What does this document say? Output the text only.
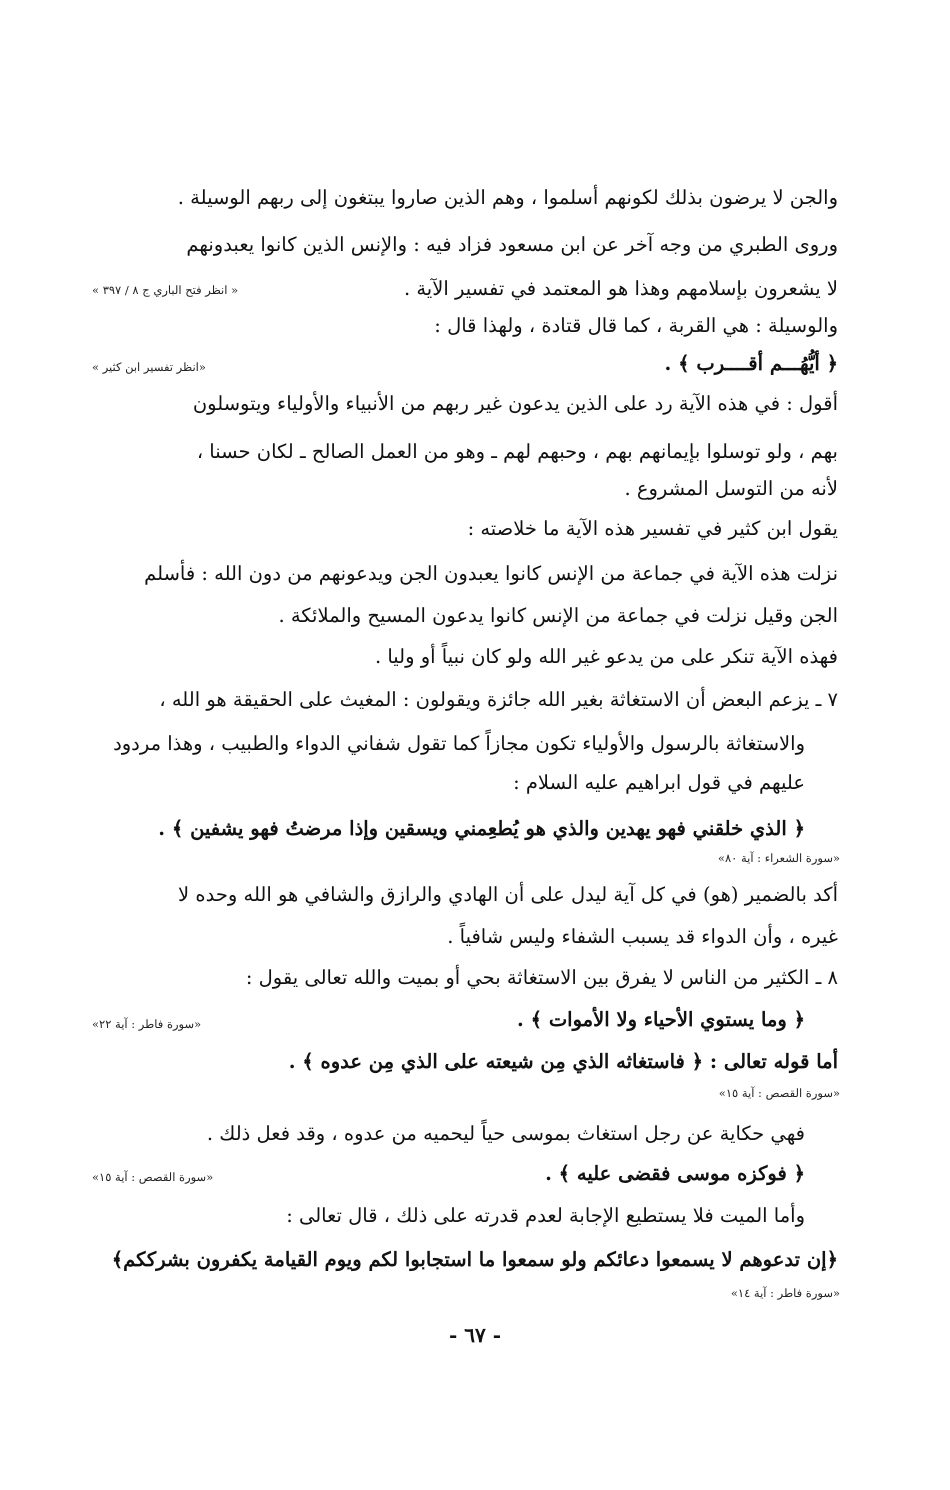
والجن لا يرضون بذلك لكونهم أسلموا ، وهم الذين صاروا يبتغون إلى ربهم الوسيلة .
وروى الطبري من وجه آخر عن ابن مسعود فزاد فيه : والإنس الذين كانوا يعبدونهم
لا يشعرون بإسلامهم وهذا هو المعتمد في تفسير الآية .
« انظر فتح الباري ج ٨ / ٣٩٧ »
والوسيلة : هي القربة ، كما قال قتادة ، ولهذا قال :
﴿ أيُّهُـــم أقــــرب ﴾ .
«انظر تفسير ابن كثير »
أقول : في هذه الآية رد على الذين يدعون غير ربهم من الأنبياء والأولياء ويتوسلون
بهم ، ولو توسلوا بإيمانهم بهم ، وحبهم لهم ـ وهو من العمل الصالح ـ لكان حسنا ،
لأنه من التوسل المشروع .
يقول ابن كثير في تفسير هذه الآية ما خلاصته :
نزلت هذه الآية في جماعة من الإنس كانوا يعبدون الجن ويدعونهم من دون الله : فأسلم
الجن وقيل نزلت في جماعة من الإنس كانوا يدعون المسيح والملائكة .
فهذه الآية تنكر على من يدعو غير الله ولو كان نبياً أو وليا .
٧ ـ يزعم البعض أن الاستغاثة بغير الله جائزة ويقولون : المغيث على الحقيقة هو الله ،
والاستغاثة بالرسول والأولياء تكون مجازاً كما تقول شفاني الدواء والطبيب ، وهذا مردود
عليهم في قول ابراهيم عليه السلام :
﴿ الذي خلقني فهو يهدين والذي هو يُطعِمني ويسقين وإذا مرضتُ فهو يشفين ﴾ .
«سورة الشعراء : آية ٨٠»
أكد بالضمير (هو) في كل آية ليدل على أن الهادي والرازق والشافي هو الله وحده لا
غيره ، وأن الدواء قد يسبب الشفاء وليس شافياً .
٨ ـ الكثير من الناس لا يفرق بين الاستغاثة بحي أو بميت والله تعالى يقول :
﴿ وما يستوي الأحياء ولا الأموات ﴾ .
«سورة فاطر : آية ٢٢»
أما قوله تعالى : ﴿ فاستغاثه الذي مِن شيعته على الذي مِن عدوه ﴾ .
«سورة القصص : آية ١٥»
فهي حكاية عن رجل استغاث بموسى حياً ليحميه من عدوه ، وقد فعل ذلك .
﴿ فوكزه موسى فقضى عليه ﴾ .
«سورة القصص : آية ١٥»
وأما الميت فلا يستطيع الإجابة لعدم قدرته على ذلك ، قال تعالى :
﴿إن تدعوهم لا يسمعوا دعائكم ولو سمعوا ما استجابوا لكم ويوم القيامة يكفرون بشرككم﴾
«سورة فاطر : آية ١٤»
- ٦٧ -
